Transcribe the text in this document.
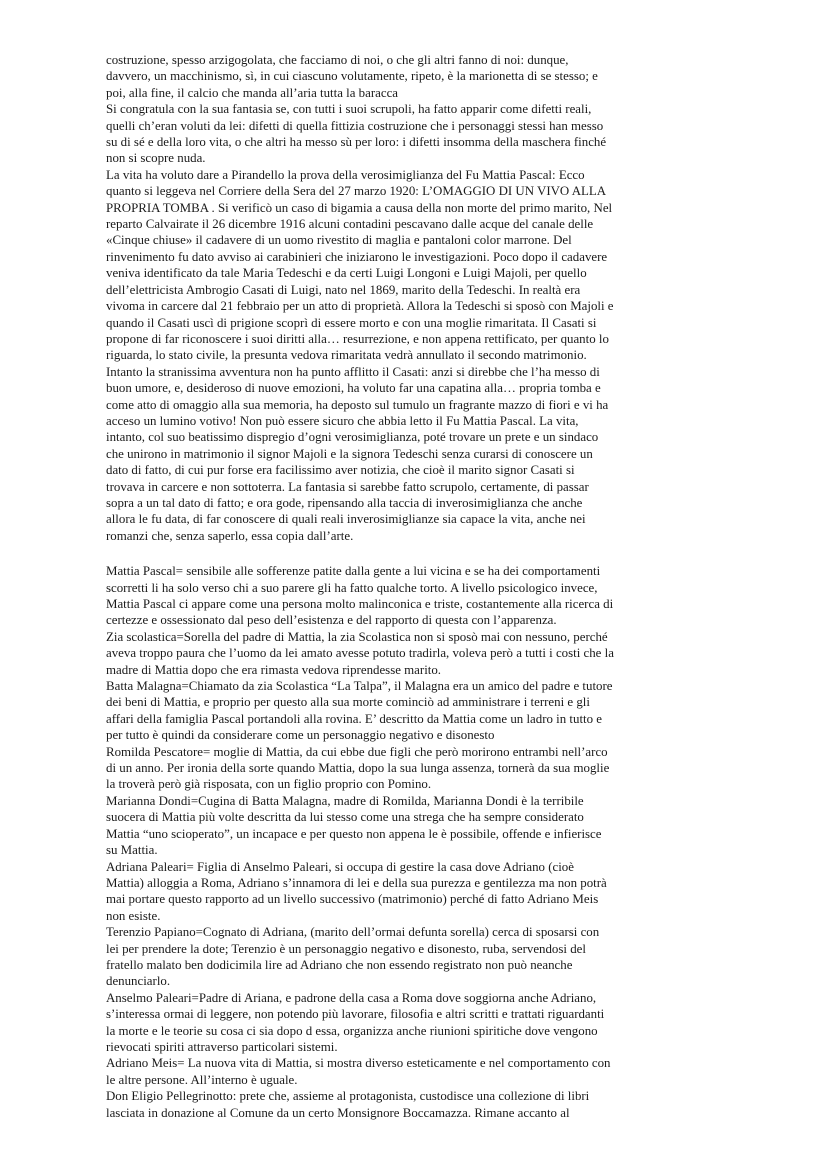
costruzione, spesso arzigogolata, che facciamo di noi, o che gli altri fanno di noi: dunque, davvero, un macchinismo, sì, in cui ciascuno volutamente, ripeto, è la marionetta di se stesso; e poi, alla fine, il calcio che manda all’aria tutta la baracca

Si congratula con la sua fantasia se, con tutti i suoi scrupoli, ha fatto apparir come difetti reali, quelli ch’eran voluti da lei: difetti di quella fittizia costruzione che i personaggi stessi han messo su di sé e della loro vita, o che altri ha messo sù per loro: i difetti insomma della maschera finché non si scopre nuda.

La vita ha voluto dare a Pirandello la prova della verosimiglianza del Fu Mattia Pascal: Ecco quanto si leggeva nel Corriere della Sera del 27 marzo 1920: L’OMAGGIO DI UN VIVO ALLA PROPRIA TOMBA . Si verificò un caso di bigamia a causa della non morte del primo marito, Nel reparto Calvairate il 26 dicembre 1916 alcuni contadini pescavano dalle acque del canale delle «Cinque chiuse» il cadavere di un uomo rivestito di maglia e pantaloni color marrone. Del rinvenimento fu dato avviso ai carabinieri che iniziarono le investigazioni. Poco dopo il cadavere veniva identificato da tale Maria Tedeschi e da certi Luigi Longoni e Luigi Majoli, per quello dell’elettricista Ambrogio Casati di Luigi, nato nel 1869, marito della Tedeschi. In realtà era vivoma in carcere dal 21 febbraio per un atto di proprietà. Allora la Tedeschi si sposò con Majoli e quando il Casati uscì di prigione scoprì di essere morto e con una moglie rimaritata. Il Casati si propone di far riconoscere i suoi diritti alla… resurrezione, e non appena rettificato, per quanto lo riguarda, lo stato civile, la presunta vedova rimaritata vedrà annullato il secondo matrimonio. Intanto la stranissima avventura non ha punto afflitto il Casati: anzi si direbbe che l’ha messo di buon umore, e, desideroso di nuove emozioni, ha voluto far una capatina alla… propria tomba e come atto di omaggio alla sua memoria, ha deposto sul tumulo un fragrante mazzo di fiori e vi ha acceso un lumino votivo! Non può essere sicuro che abbia letto il Fu Mattia Pascal. La vita, intanto, col suo beatissimo dispregio d’ogni verosimiglianza, poté trovare un prete e un sindaco che unirono in matrimonio il signor Majoli e la signora Tedeschi senza curarsi di conoscere un dato di fatto, di cui pur forse era facilissimo aver notizia, che cioè il marito signor Casati si trovava in carcere e non sottoterra. La fantasia si sarebbe fatto scrupolo, certamente, di passar sopra a un tal dato di fatto; e ora gode, ripensando alla taccia di inverosimiglianza che anche allora le fu data, di far conoscere di quali reali inverosimiglianze sia capace la vita, anche nei romanzi che, senza saperlo, essa copia dall’arte.

Mattia Pascal= sensibile alle sofferenze patite dalla gente a lui vicina e se ha dei comportamenti scorretti li ha solo verso chi a suo parere gli ha fatto qualche torto. A livello psicologico invece, Mattia Pascal ci appare come una persona molto malinconica e triste, costantemente alla ricerca di certezze e ossessionato dal peso dell’esistenza e del rapporto di questa con l’apparenza.

Zia scolastica=Sorella del padre di Mattia, la zia Scolastica non si sposò mai con nessuno, perché aveva troppo paura che l’uomo da lei amato avesse potuto tradirla, voleva però a tutti i costi che la madre di Mattia dopo che era rimasta vedova riprendesse marito.

Batta Malagna=Chiamato da zia Scolastica “La Talpa”, il Malagna era un amico del padre e tutore dei beni di Mattia, e proprio per questo alla sua morte cominciò ad amministrare i terreni e gli affari della famiglia Pascal portandoli alla rovina. E’ descritto da Mattia come un ladro in tutto e per tutto è quindi da considerare come un personaggio negativo e disonesto

Romilda Pescatore= moglie di Mattia, da cui ebbe due figli che però morirono entrambi nell’arco di un anno. Per ironia della sorte quando Mattia, dopo la sua lunga assenza, tornerà da sua moglie la troverà però già risposata, con un figlio proprio con Pomino.

Marianna Dondi=Cugina di Batta Malagna, madre di Romilda, Marianna Dondi è la terribile suocera di Mattia più volte descritta da lui stesso come una strega che ha sempre considerato Mattia “uno scioperato”, un incapace e per questo non appena le è possibile, offende e infierisce su Mattia.

Adriana Paleari= Figlia di Anselmo Paleari, si occupa di gestire la casa dove Adriano (cioè Mattia) alloggia a Roma, Adriano s’innamora di lei e della sua purezza e gentilezza ma non potrà mai portare questo rapporto ad un livello successivo (matrimonio) perché di fatto Adriano Meis non esiste.

Terenzio Papiano=Cognato di Adriana, (marito dell’ormai defunta sorella) cerca di sposarsi con lei per prendere la dote; Terenzio è un personaggio negativo e disonesto, ruba, servendosi del fratello malato ben dodicimila lire ad Adriano che non essendo registrato non può neanche denunciarlo.

Anselmo Paleari=Padre di Ariana, e padrone della casa a Roma dove soggiorna anche Adriano, s’interessa ormai di leggere, non potendo più lavorare, filosofia e altri scritti e trattati riguardanti la morte e le teorie su cosa ci sia dopo d essa, organizza anche riunioni spiritiche dove vengono rievocati spiriti attraverso particolari sistemi.

Adriano Meis= La nuova vita di Mattia, si mostra diverso esteticamente e nel comportamento con le altre persone. All’interno è uguale.

Don Eligio Pellegrinotto: prete che, assieme al protagonista, custodisce una collezione di libri lasciata in donazione al Comune da un certo Monsignore Boccamazza. Rimane accanto al
